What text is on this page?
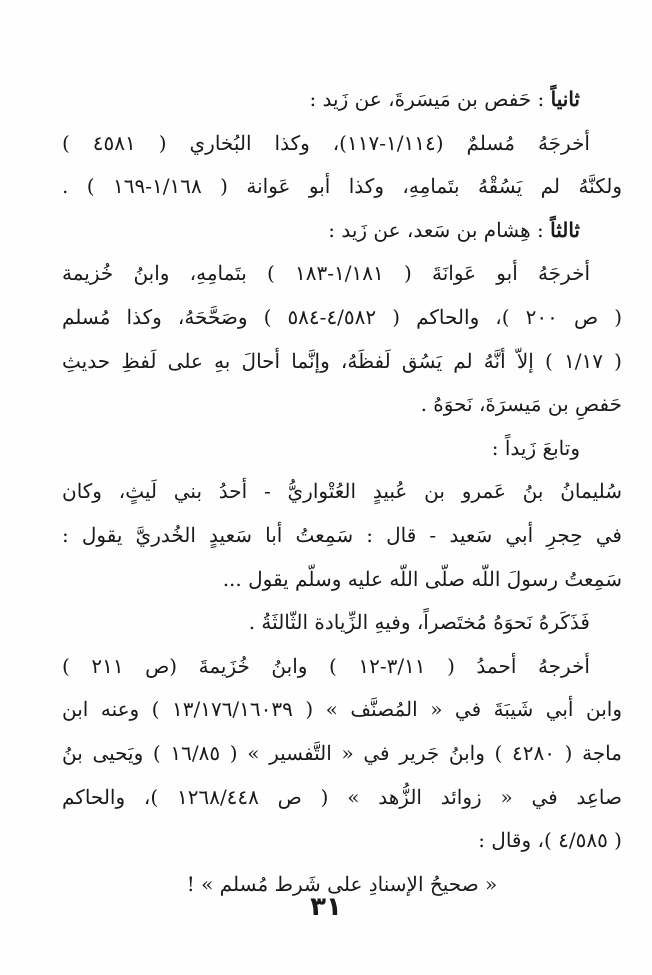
ثانياً : حَفص بن مَيسَرةَ، عن زَيد :
أخرجَهُ مُسلمٌ (١/١١٤-١١٧)، وكذا البُخاري ( ٤٥٨١ )
ولكنَّهُ لم يَسُقْهُ بتَمامِهِ، وكذا أبو عَوانة ( ١/١٦٨-١٦٩ ) .
ثالثاً : هِشام بن سَعد، عن زَيد :
أخرجَهُ أبو عَوانَةَ ( ١/١٨١-١٨٣ ) بتَمامِهِ، وابنُ خُزيمة
( ص ٢٠٠ )، والحاكم ( ٤/٥٨٢-٥٨٤ ) وصَحَّحَهُ، وكذا مُسلم
( ١/١٧ ) إلاّ أنَّهُ لم يَسُق لَفظَهُ، وإنَّما أحالَ بهِ على لَفظِ حديثِ
حَفصِ بن مَيسرَةَ، نَحوَهُ .
وتابعَ زَيداً :
سُليمانُ بنُ عَمرو بن عُبيدٍ العُتْواريُّ - أحدُ بني لَيثٍ، وكان
في حِجرِ أبي سَعيد - قال : سَمِعتُ أبا سَعيدٍ الخُدريَّ يقول :
سَمِعتُ رسولَ اللّه صلّى اللّه عليه وسلّم يقول ...
فَذَكَرهُ نَحوَهُ مُختَصراً، وفيهِ الزِّيادة الثّالثَةُ .
أخرجهُ أحمدُ ( ٣/١١-١٢ ) وابنُ خُزَيمةَ (ص ٢١١ )
وابن أبي شَيبَةَ في « المُصنَّف » ( ١٣/١٧٦/١٦٠٣٩ ) وعنه ابن
ماجة ( ٤٢٨٠ ) وابنُ جَرير في « التَّفسير » ( ١٦/٨٥ ) ويَحيى بنُ
صاعِد في « زوائد الزُّهد » ( ص ١٢٦٨/٤٤٨ )، والحاكم
( ٤/٥٨٥ )، وقال :
« صحيحُ الإسنادِ على شَرط مُسلم » !
٣١
